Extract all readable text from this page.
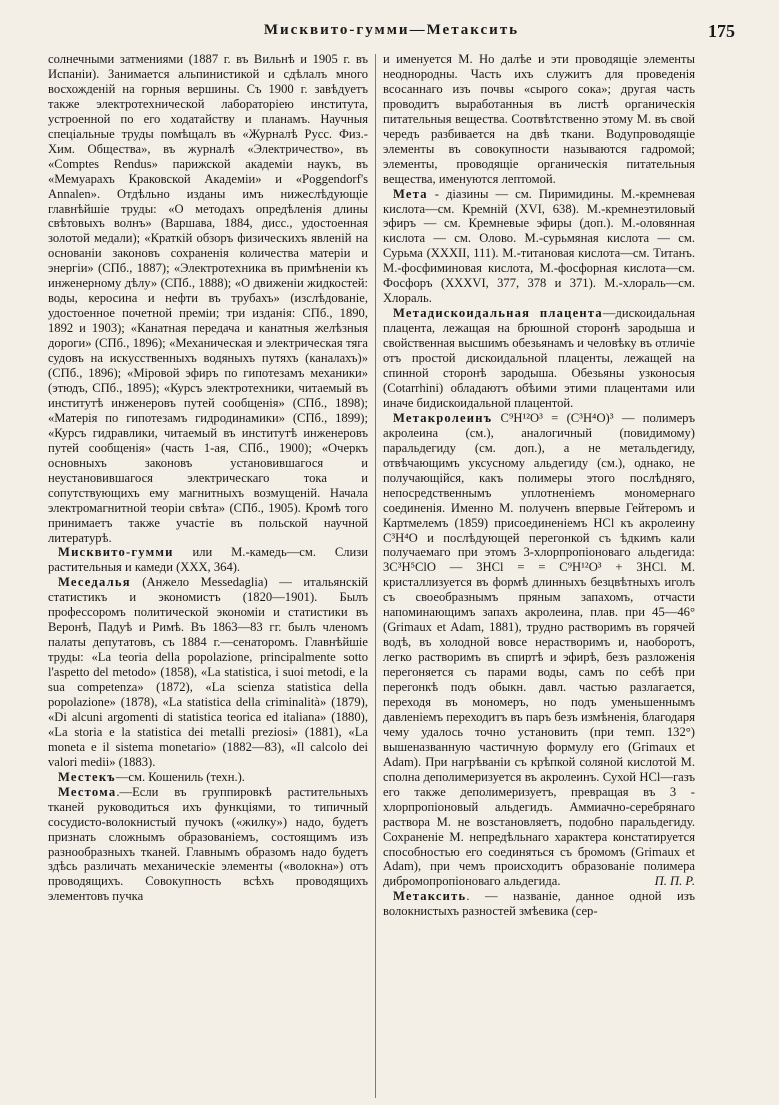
Мисквито-гумми—Метаксить	175

солнечными затмениями (1887 г. въ Вильнѣ и 1905 г. въ Испаніи). Занимается альпинистикой и сдѣлалъ много восхожденій на горныя вершины. Съ 1900 г. завѣдуетъ также электротехнической лабораторіею института, устроенной по его ходатайству и планамъ. Научныя спеціальные труды помѣщалъ въ «Журналѣ Русс. Физ.-Хим. Общества», въ журналѣ «Электричество», въ «Comptes Rendus» парижской академіи наукъ, въ «Мемуарахъ Краковской Академіи» и «Poggendorf's Annalen». Отдѣльно изданы имъ нижеслѣдующіе главнѣйшіе труды: «О методахъ опредѣленія длины свѣтовыхъ волнъ» (Варшава, 1884, дисс., удостоенная золотой медали); «Краткій обзоръ физическихъ явленій на основаніи законовъ сохраненія количества матеріи и энергіи» (СПб., 1887); «Электротехника въ примѣненіи къ инженерному дѣлу» (СПб., 1888); «О движеніи жидкостей: воды, керосина и нефти въ трубахъ» (изслѣдованіе, удостоенное почетной преміи; три изданія: СПб., 1890, 1892 и 1903); «Канатная передача и канатныя желѣзныя дороги» (СПб., 1896); «Механическая и электрическая тяга судовъ на искусственныхъ водяныхъ путяхъ (каналахъ)» (СПб., 1896); «Міровой эфиръ по гипотезамъ механики» (этюдъ, СПб., 1895); «Курсъ электротехники, читаемый въ институтѣ инженеровъ путей сообщенія» (СПб., 1898); «Матерія по гипотезамъ гидродинамики» (СПб., 1899); «Курсъ гидравлики, читаемый въ институтѣ инженеровъ путей сообщенія» (часть 1-ая, СПб., 1900); «Очеркъ основныхъ законовъ установившагося и неустановившагося электрическаго тока и сопутствующихъ ему магнитныхъ возмущеній. Начала электромагнитной теоріи свѣта» (СПб., 1905). Кромѣ того принимаетъ также участіе въ польской научной литературѣ.

Мисквито-гумми или М.-камедь—см. Слизи растительныя и камеди (XXX, 364).

Меседалья (Анжело Messedaglia) — итальянскій статистикъ и экономистъ (1820—1901). Былъ профессоромъ политической экономіи и статистики въ Веронѣ, Падуѣ и Римѣ. Въ 1863—83 гг. былъ членомъ палаты депутатовъ, съ 1884 г.—сенаторомъ. Главнѣйшіе труды: «La teoria della popolazione, principalmente sotto l'aspetto del metodo» (1858), «La statistica, i suoi metodi, e la sua competenza» (1872), «La scienza statistica della popolazione» (1878), «La statistica della criminalità» (1879), «Di alcuni argomenti di statistica teorica ed italiana» (1880), «La storia e la statistica dei metalli preziosi» (1881), «La moneta e il sistema monetario» (1882—83), «Il calcolo dei valori medii» (1883).

Местекъ—см. Кошениль (техн.).

Местома.—Если въ группировкѣ растительныхъ тканей руководиться ихъ функціями, то типичный сосудисто-волокнистый пучокъ («жилку») надо, будетъ признать сложнымъ образованіемъ, состоящимъ изъ разнообразныхъ тканей. Главнымъ образомъ надо будетъ здѣсь различать механическіе элементы («волокна») отъ проводящихъ. Совокупность всѣхъ проводящихъ элементовъ пучка

и именуется М. Но далѣе и эти проводящіе элементы неоднородны. Часть ихъ служитъ для проведенія всосаннаго изъ почвы «сырого сока»; другая часть проводитъ выработанныя въ листѣ органическія питательныя вещества. Соотвѣтственно этому М. въ свой чередъ разбивается на двѣ ткани. Водупроводящіе элементы въ совокупности называются гадромой; элементы, проводящіе органическія питательныя вещества, именуются лептомой.

Мета - діазины — см. Пиримидины. М.-кремневая кислота—см. Кремній (XVI, 638). М.-кремнеэтиловый эфиръ — см. Кремневые эфиры (доп.). М.-оловянная кислота — см. Олово. М.-сурьмяная кислота — см. Сурьма (XXXII, 111). М.-титановая кислота—см. Титанъ. М.-фосфиминовая кислота, М.-фосфорная кислота—см. Фосфоръ (XXXVI, 377, 378 и 371). М.-хлораль—см. Хлораль.

Метадискоидальная плацента—дискоидальная плацента, лежащая на брюшной сторонѣ зародыша и свойственная высшимъ обезьянамъ и человѣку въ отличіе отъ простой дискоидальной плаценты, лежащей на спинной сторонѣ зародыша. Обезьяны узконосыя (Cotarrhini) обладаютъ обѣими этими плацентами или иначе бидискоидальной плацентой.

Метакролеинъ C⁹H¹²O³ = (C³H⁴O)³ — полимеръ акролеина (см.), аналогичный (повидимому) паральдегиду (см. доп.), а не метальдегиду, отвѣчающимъ уксусному альдегиду (см.), однако, не получающійся, какъ полимеры этого послѣдняго, непосредственнымъ уплотненіемъ мономернаго соединенія. Именно М. полученъ впервые Гейтеромъ и Картмелемъ (1859) присоединеніемъ HCl къ акролеину C³H⁴O и послѣдующей перегонкой съ ѣдкимъ кали получаемаго при этомъ 3-хлорпропіоноваго альдегида: 3C³H⁵ClO — 3HCl = = C⁹H¹²O³ + 3HCl. М. кристаллизуется въ формѣ длинныхъ безцвѣтныхъ иголъ съ своеобразнымъ пряным запахомъ, отчасти напоминающимъ запахъ акролеина, плав. при 45—46° (Grimaux et Adam, 1881), трудно растворимъ въ горячей водѣ, въ холодной вовсе нерастворимъ и, наоборотъ, легко растворимъ въ спиртѣ и эфирѣ, безъ разложенія перегоняется съ парами воды, самъ по себѣ при перегонкѣ подъ обыкн. давл. частью разлагается, переходя въ мономеръ, но подъ уменьшеннымъ давленіемъ переходитъ въ паръ безъ измѣненія, благодаря чему удалось точно установить (при темп. 132°) вышеназванную частичную формулу его (Grimaux et Adam). При нагрѣваніи съ крѣпкой соляной кислотой М. сполна деполимеризуется въ акролеинъ. Сухой HCl—газъ его также деполимеризуетъ, превращая въ 3 - хлорпропіоновый альдегидъ. Аммиачно-серебрянаго раствора М. не возстановляетъ, подобно паральдегиду. Сохраненіе М. непредѣльнаго характера констатируется способностью его соединяться съ бромомъ (Grimaux et Adam), при чемъ происходитъ образованіе полимера дибромопропіоноваго альдегида.	П. П. Р.

Метаксить. — названіе, данное одной изъ волокнистыхъ разностей змѣевика (сер-
